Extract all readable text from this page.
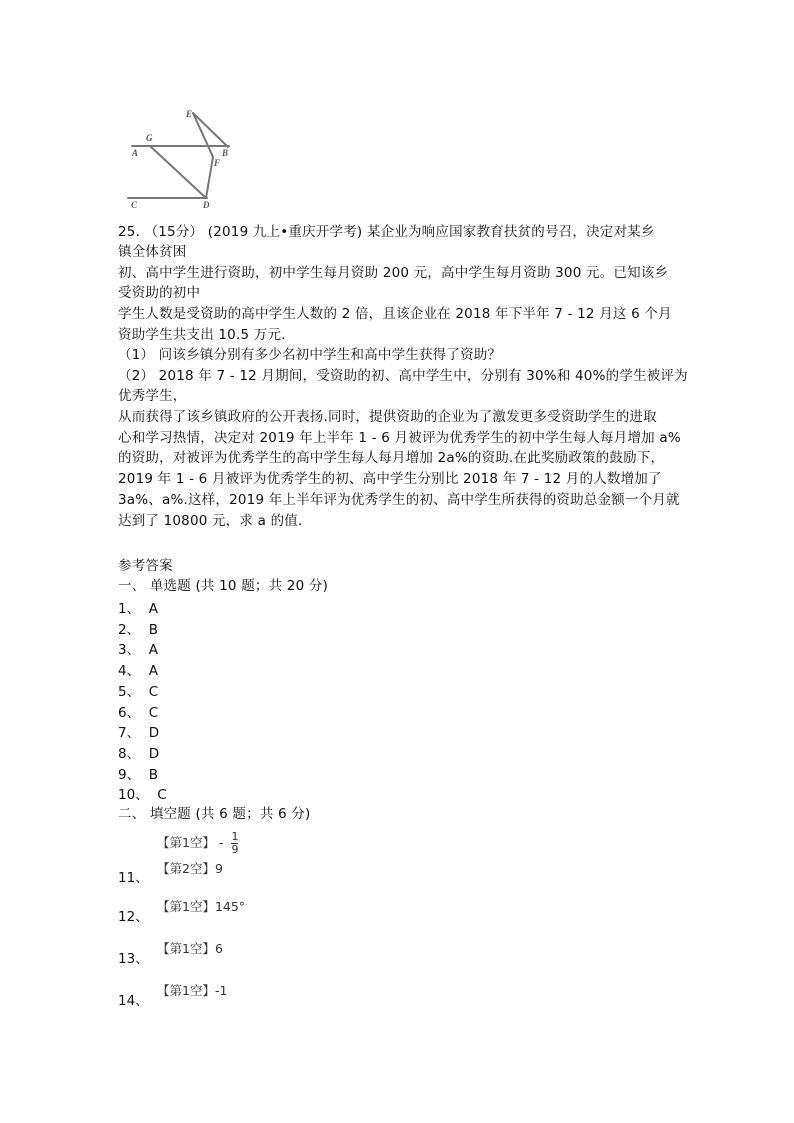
E
G
A	B
F
C	D
25. （15分） (2019 九上•重庆开学考) 某企业为响应国家教育扶贫的号召，决定对某乡
镇全体贫困
初、高中学生进行资助，初中学生每月资助 200 元，高中学生每月资助 300 元。已知该乡
受资助的初中
学生人数是受资助的高中学生人数的 2 倍，且该企业在 2018 年下半年 7 - 12 月这 6 个月
资助学生共支出 10.5 万元.
（1） 问该乡镇分别有多少名初中学生和高中学生获得了资助？
（2） 2018 年 7 - 12 月期间，受资助的初、高中学生中，分别有 30%和 40%的学生被评为
优秀学生，
从而获得了该乡镇政府的公开表扬.同时，提供资助的企业为了激发更多受资助学生的进取
心和学习热情，决定对 2019 年上半年 1 - 6 月被评为优秀学生的初中学生每人每月增加 a%
的资助，对被评为优秀学生的高中学生每人每月增加 2a%的资助.在此奖励政策的鼓励下，
2019 年 1 - 6 月被评为优秀学生的初、高中学生分别比 2018 年 7 - 12 月的人数增加了
3a%、a%.这样，2019 年上半年评为优秀学生的初、高中学生所获得的资助总金额一个月就
达到了 10800 元，求 a 的值.
参考答案
一、 单选题 (共 10 题；共 20 分)
1、 A
2、 B
3、 A
4、 A
5、 C
6、 C
7、 D
8、 D
9、 B
10、 C
二、 填空题 (共 6 题；共 6 分)
【第1空】 - $\frac{1}{9}$
【第2空】9
11、
【第1空】145°
12、
【第1空】6
13、
【第1空】-1
14、
